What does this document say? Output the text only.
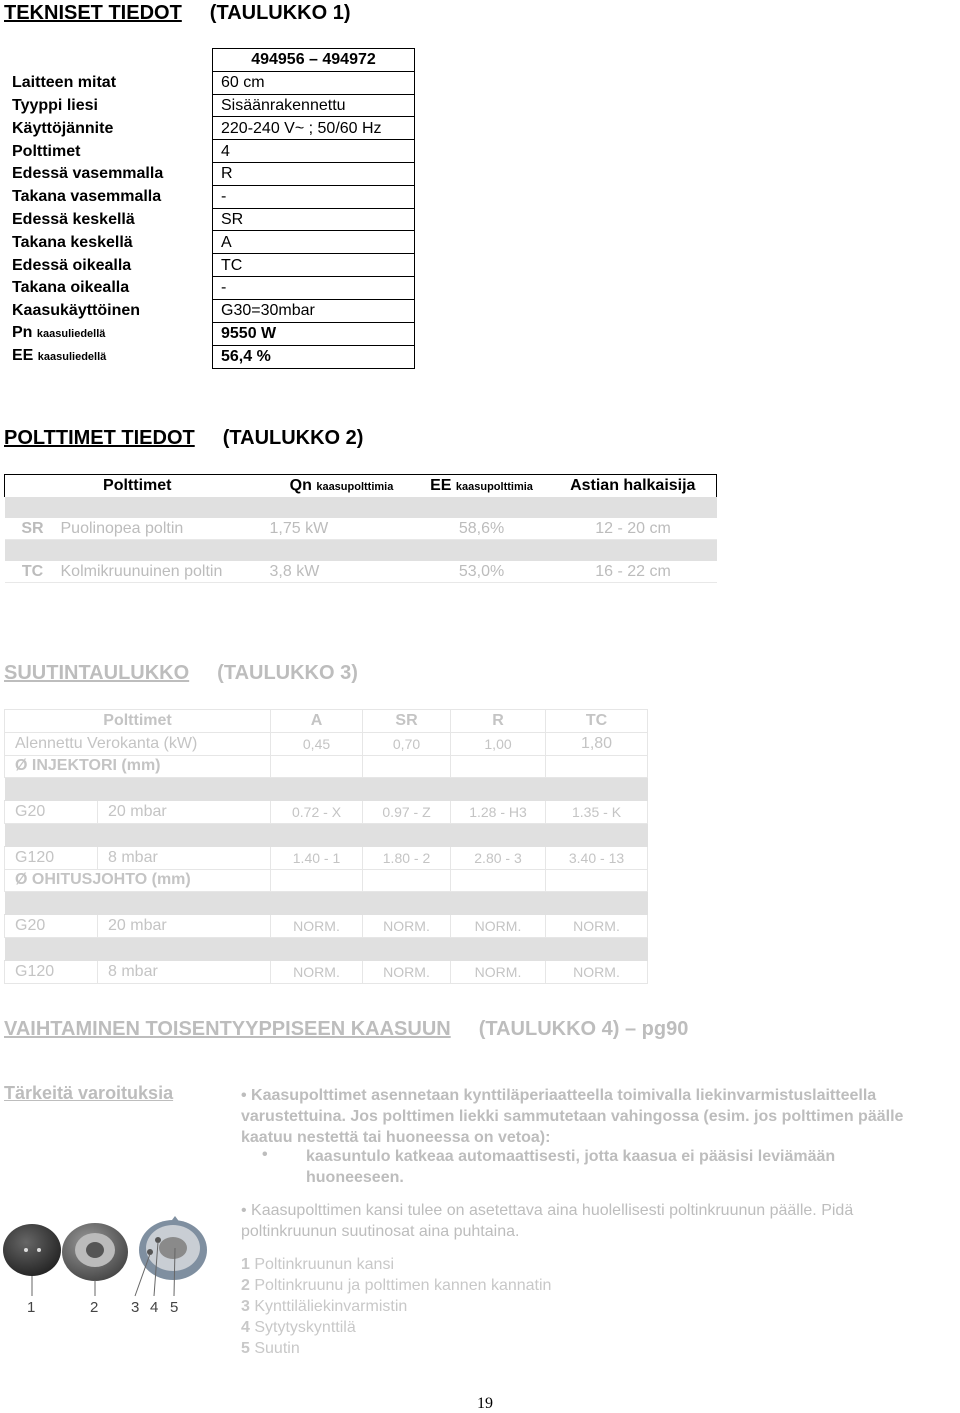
TEKNISET TIEDOT (TAULUKKO 1)
	494956 – 494972
Laitteen mitat	60 cm
Tyyppi liesi	Sisäänrakennettu
Käyttöjännite	220-240 V~ ; 50/60 Hz
Polttimet	4
Edessä vasemmalla	R
Takana vasemmalla	-
Edessä keskellä	SR
Takana keskellä	A
Edessä oikealla	TC
Takana oikealla	-
Kaasukäyttöinen	G30=30mbar
Pn kaasuliedellä	9550 W
EE kaasuliedellä	56,4 %
POLTTIMET TIEDOT (TAULUKKO 2)
Polttimet		Qn kaasupolttimia	EE kaasupolttimia	Astian halkaisija

SR	Puolinopea poltin	1,75 kW	58,6%	12 - 20 cm

TC	Kolmikruunuinen poltin	3,8 kW	53,0%	16 - 22 cm
SUUTINTAULUKKO (TAULUKKO 3)
Polttimet		A	SR	R	TC
Alennettu Verokanta (kW)		0,45	0,70	1,00	1,80
Ø INJEKTORI (mm)					

G20	20 mbar	0.72 - X	0.97 - Z	1.28 - H3	1.35 - K

G120	8 mbar	1.40 - 1	1.80 - 2	2.80 - 3	3.40 - 13
Ø OHITUSJOHTO (mm)					

G20	20 mbar	NORM.	NORM.	NORM.	NORM.

G120	8 mbar	NORM.	NORM.	NORM.	NORM.
VAIHTAMINEN TOISENTYYPPISEEN KAASUUN (TAULUKKO 4) – pg90
Tärkeitä varoituksia	• Kaasupolttimet asennetaan kynttiläperiaatteella toimivalla liekinvarmistuslaitteella varustettuina. Jos polttimen liekki sammutetaan vahingossa (esim. jos polttimen päälle kaatuu nestettä tai huoneessa on vetoa):
• kaasuntulo katkeaa automaattisesti, jotta kaasua ei pääsisi leviämään huoneeseen.
• Kaasupolttimen kansi tulee on asetettava aina huolellisesti poltinkruunun päälle. Pidä poltinkruunun suutinosat aina puhtaina.
1 Poltinkruunun kansi
2 Poltinkruunu ja polttimen kannen kannatin
3 Kynttiläliekinvarmistin
4 Sytytyskynttilä
5 Suutin
1	2 3 4 5
19
